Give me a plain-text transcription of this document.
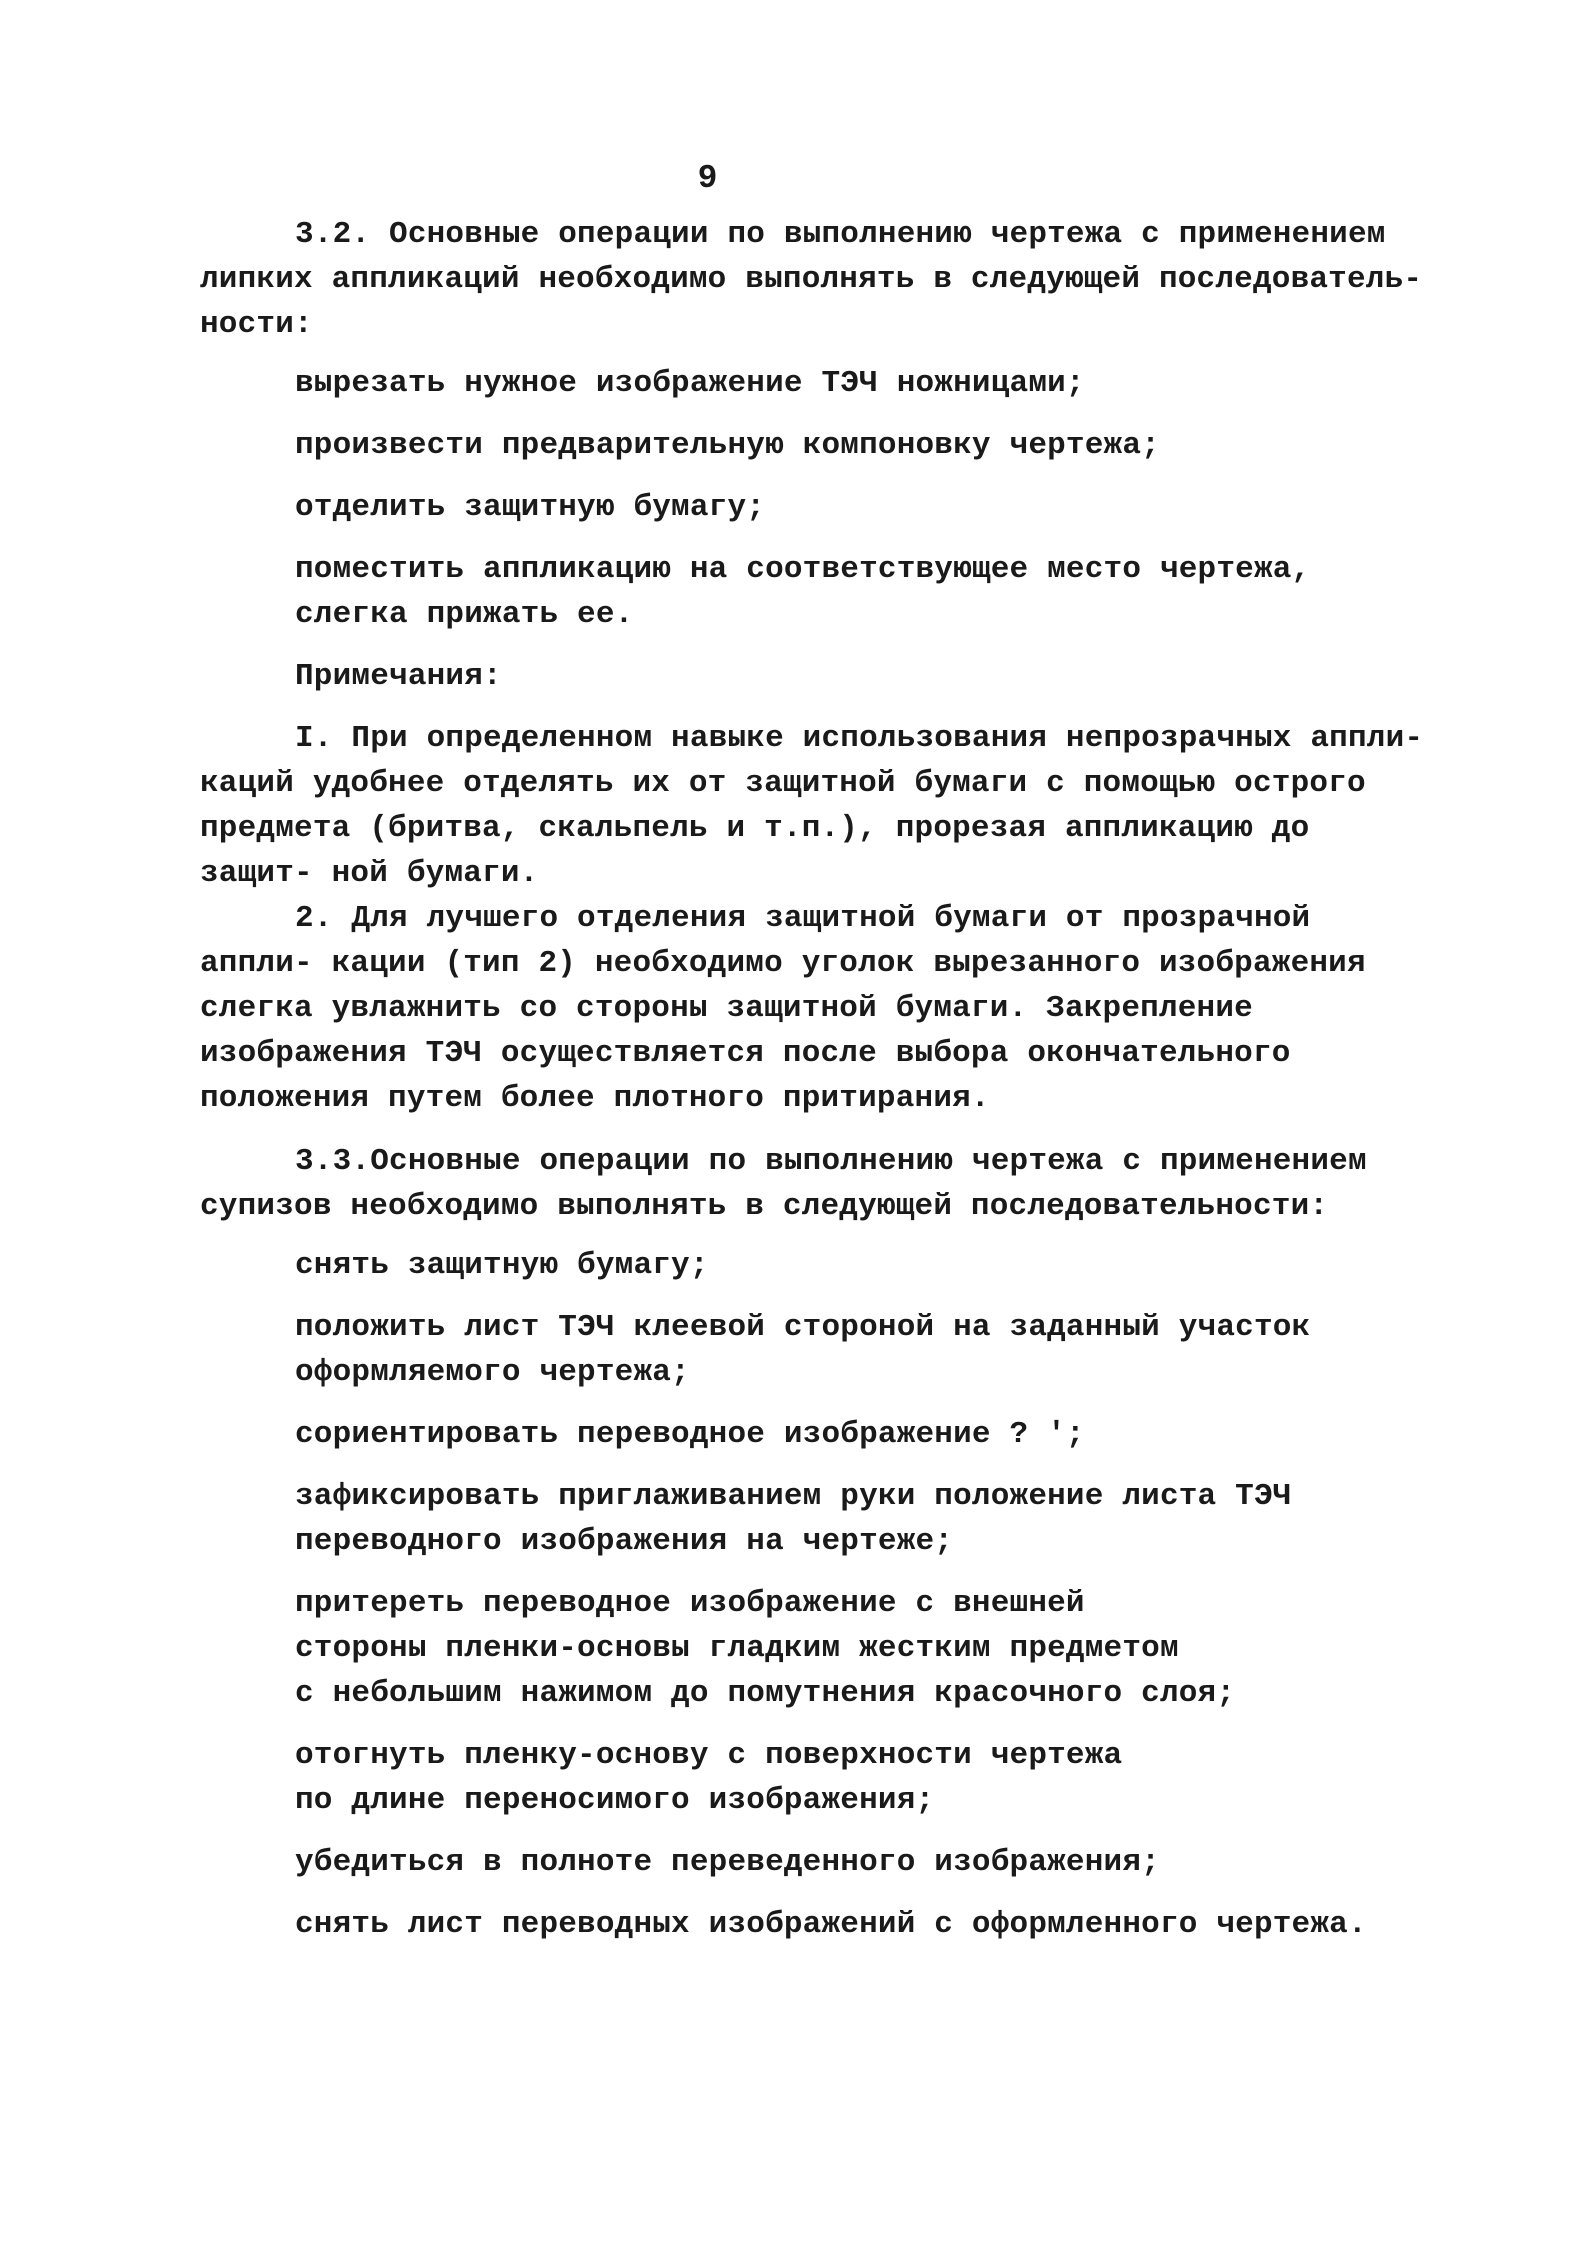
9

3.2. Основные операции по выполнению чертежа с применением липких аппликаций необходимо выполнять в следующей последователь- ности:

вырезать нужное изображение ТЭЧ ножницами;

произвести предварительную компоновку чертежа;

отделить защитную бумагу;

поместить аппликацию на соответствующее место чертежа, слегка прижать ее.

Примечания:

I. При определенном навыке использования непрозрачных аппли- каций удобнее отделять их от защитной бумаги с помощью острого предмета (бритва, скальпель и т.п.), прорезая аппликацию до защит- ной бумаги.

2. Для лучшего отделения защитной бумаги от прозрачной аппли- кации (тип 2) необходимо уголок вырезанного изображения слегка увлажнить со стороны защитной бумаги. Закрепление изображения ТЭЧ осуществляется после выбора окончательного положения путем более плотного притирания.

3.3.Основные операции по выполнению чертежа с применением супизов необходимо выполнять в следующей последовательности:

снять защитную бумагу;

положить лист ТЭЧ клеевой стороной на заданный участок
оформляемого чертежа;

сориентировать переводное изображение ? ';

зафиксировать приглаживанием руки положение листа ТЭЧ
переводного изображения на чертеже;

притереть переводное изображение с внешней
стороны пленки-основы гладким жестким предметом
с небольшим нажимом до помутнения красочного слоя;

отогнуть пленку-основу с поверхности чертежа
по длине переносимого изображения;

убедиться в полноте переведенного изображения;

снять лист переводных изображений с оформленного чертежа.
